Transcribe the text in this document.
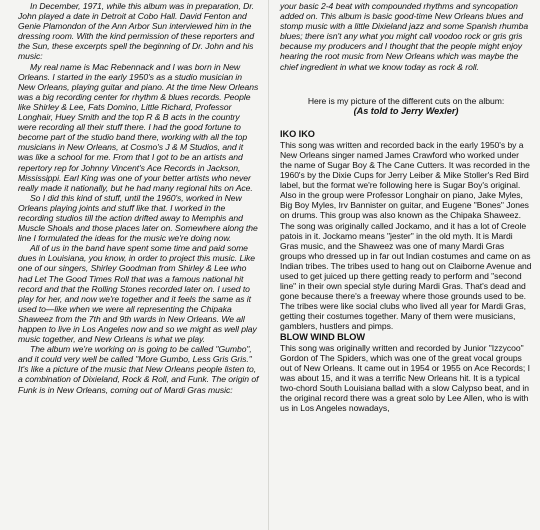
In December, 1971, while this album was in preparation, Dr. John played a date in Detroit at Cobo Hall. David Fenton and Genie Plamondon of the Ann Arbor Sun interviewed him in the dressing room. With the kind permission of these reporters and the Sun, these excerpts spell the beginning of Dr. John and his music:

My real name is Mac Rebennack and I was born in New Orleans. I started in the early 1950's as a studio musician in New Orleans, playing guitar and piano. At the time New Orleans was a big recording center for rhythm & blues records. People like Shirley & Lee, Fats Domino, Little Richard, Professor Longhair, Huey Smith and the top R & B acts in the country were recording all their stuff there. I had the good fortune to become part of the studio band there, working with all the top musicians in New Orleans, at Cosmo's J & M Studios, and it was like a school for me. From that I got to be an artists and repertory rep for Johnny Vincent's Ace Records in Jackson, Mississippi. Earl King was one of your better artists who never really made it nationally, but he had many regional hits on Ace.

So I did this kind of stuff, until the 1960's, worked in New Orleans playing joints and stuff like that. I worked in the recording studios till the action drifted away to Memphis and Muscle Shoals and those places later on. Somewhere along the line I formulated the ideas for the music we're doing now.

All of us in the band have spent some time and paid some dues in Louisiana, you know, in order to project this music. Like one of our singers, Shirley Goodman from Shirley & Lee who had Let The Good Times Roll that was a famous national hit record and that the Rolling Stones recorded later on. I used to play for her, and now we're together and it feels the same as it used to—like when we were all representing the Chipaka Shaweez from the 7th and 9th wards in New Orleans. We all happen to live in Los Angeles now and so we might as well play music together, and New Orleans is what we play.

The album we're working on is going to be called "Gumbo", and it could very well be called "More Gumbo, Less Gris Gris." It's like a picture of the music that New Orleans people listen to, a combination of Dixieland, Rock & Roll, and Funk. The origin of Funk is in New Orleans, coming out of Mardi Gras music:

your basic 2-4 beat with compounded rhythms and syncopation added on. This album is basic good-time New Orleans blues and stomp music with a little Dixieland jazz and some Spanish rhumba blues; there isn't any what you might call voodoo rock or gris gris because my producers and I thought that the people might enjoy hearing the root music from New Orleans which was maybe the chief ingredient in what we know today as rock & roll.

Here is my picture of the different cuts on the album:

(As told to Jerry Wexler)

IKO IKO

This song was written and recorded back in the early 1950's by a New Orleans singer named James Crawford who worked under the name of Sugar Boy & The Cane Cutters. It was recorded in the 1960's by the Dixie Cups for Jerry Leiber & Mike Stoller's Red Bird label, but the format we're following here is Sugar Boy's original. Also in the group were Professor Longhair on piano, Jake Myles, Big Boy Myles, Irv Bannister on guitar, and Eugene "Bones" Jones on drums. This group was also known as the Chipaka Shaweez. The song was originally called Jockamo, and it has a lot of Creole patois in it. Jockamo means "jester" in the old myth. It is Mardi Gras music, and the Shaweez was one of many Mardi Gras groups who dressed up in far out Indian costumes and came on as Indian tribes. The tribes used to hang out on Claiborne Avenue and used to get juiced up there getting ready to perform and "second line" in their own special style during Mardi Gras. That's dead and gone because there's a freeway where those grounds used to be. The tribes were like social clubs who lived all year for Mardi Gras, getting their costumes together. Many of them were musicians, gamblers, hustlers and pimps.

BLOW WIND BLOW

This song was originally written and recorded by Junior "Izzycoo" Gordon of The Spiders, which was one of the great vocal groups out of New Orleans. It came out in 1954 or 1955 on Ace Records; I was about 15, and it was a terrific New Orleans hit. It is a typical two-chord South Louisiana ballad with a slow Calypso beat, and in the original record there was a great solo by Lee Allen, who is with us in Los Angeles nowadays,
